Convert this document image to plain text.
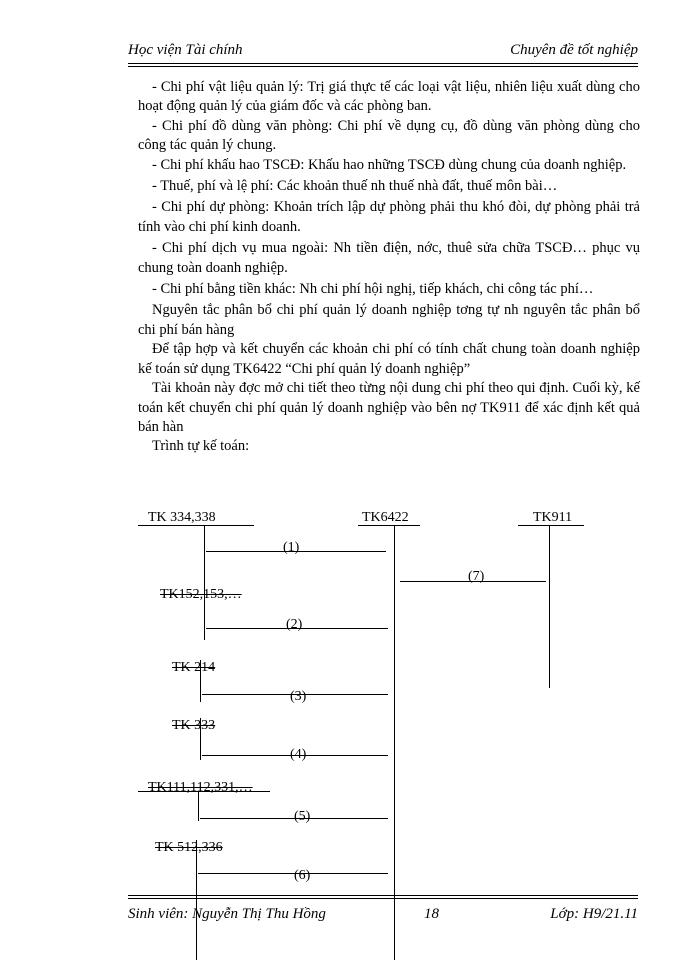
Học viện Tài chính	Chuyên đề tốt nghiệp

- Chi phí vật liệu quản lý: Trị giá thực tế các loại vật liệu, nhiên liệu xuất dùng cho hoạt động quản lý của giám đốc và các phòng ban.

- Chi phí đồ dùng văn phòng: Chi phí về dụng cụ, đồ dùng văn phòng dùng cho công tác quản lý chung.

- Chi phí khấu hao TSCĐ: Khấu hao những TSCĐ dùng chung của doanh nghiệp.

- Thuế, phí và lệ phí: Các khoản thuế nh thuế nhà đất, thuế môn bài…

- Chi phí dự phòng: Khoản trích lập dự phòng phải thu khó đòi, dự phòng phải trả tính vào chi phí kinh doanh.

- Chi phí dịch vụ mua ngoài: Nh tiền điện, nớc, thuê sửa chữa TSCĐ… phục vụ chung toàn doanh nghiệp.

- Chi phí bằng tiền khác: Nh chi phí hội nghị, tiếp khách, chi công tác phí…

Nguyên tắc phân bổ chi phí quản lý doanh nghiệp tơng tự nh nguyên tắc phân bổ chi phí bán hàng

Để tập hợp và kết chuyển các khoản chi phí có tính chất chung toàn doanh nghiệp kế toán sử dụng TK6422 “Chi phí quản lý doanh nghiệp”

Tài khoản này đợc mở chi tiết theo từng nội dung chi phí theo qui định. Cuối kỳ, kế toán kết chuyển chi phí quản lý doanh nghiệp vào bên nợ TK911 để xác định kết quả bán hàn

Trình tự kế toán:

TK 334,338	TK6422	TK911
(1)
(7)
TK152,153,…
(2)
TK 214
(3)
TK 333
(4)
TK111,112,331,…
(5)
TK 512,336
(6)
Sinh viên: Nguyễn Thị Thu Hồng	18	Lớp: H9/21.11
